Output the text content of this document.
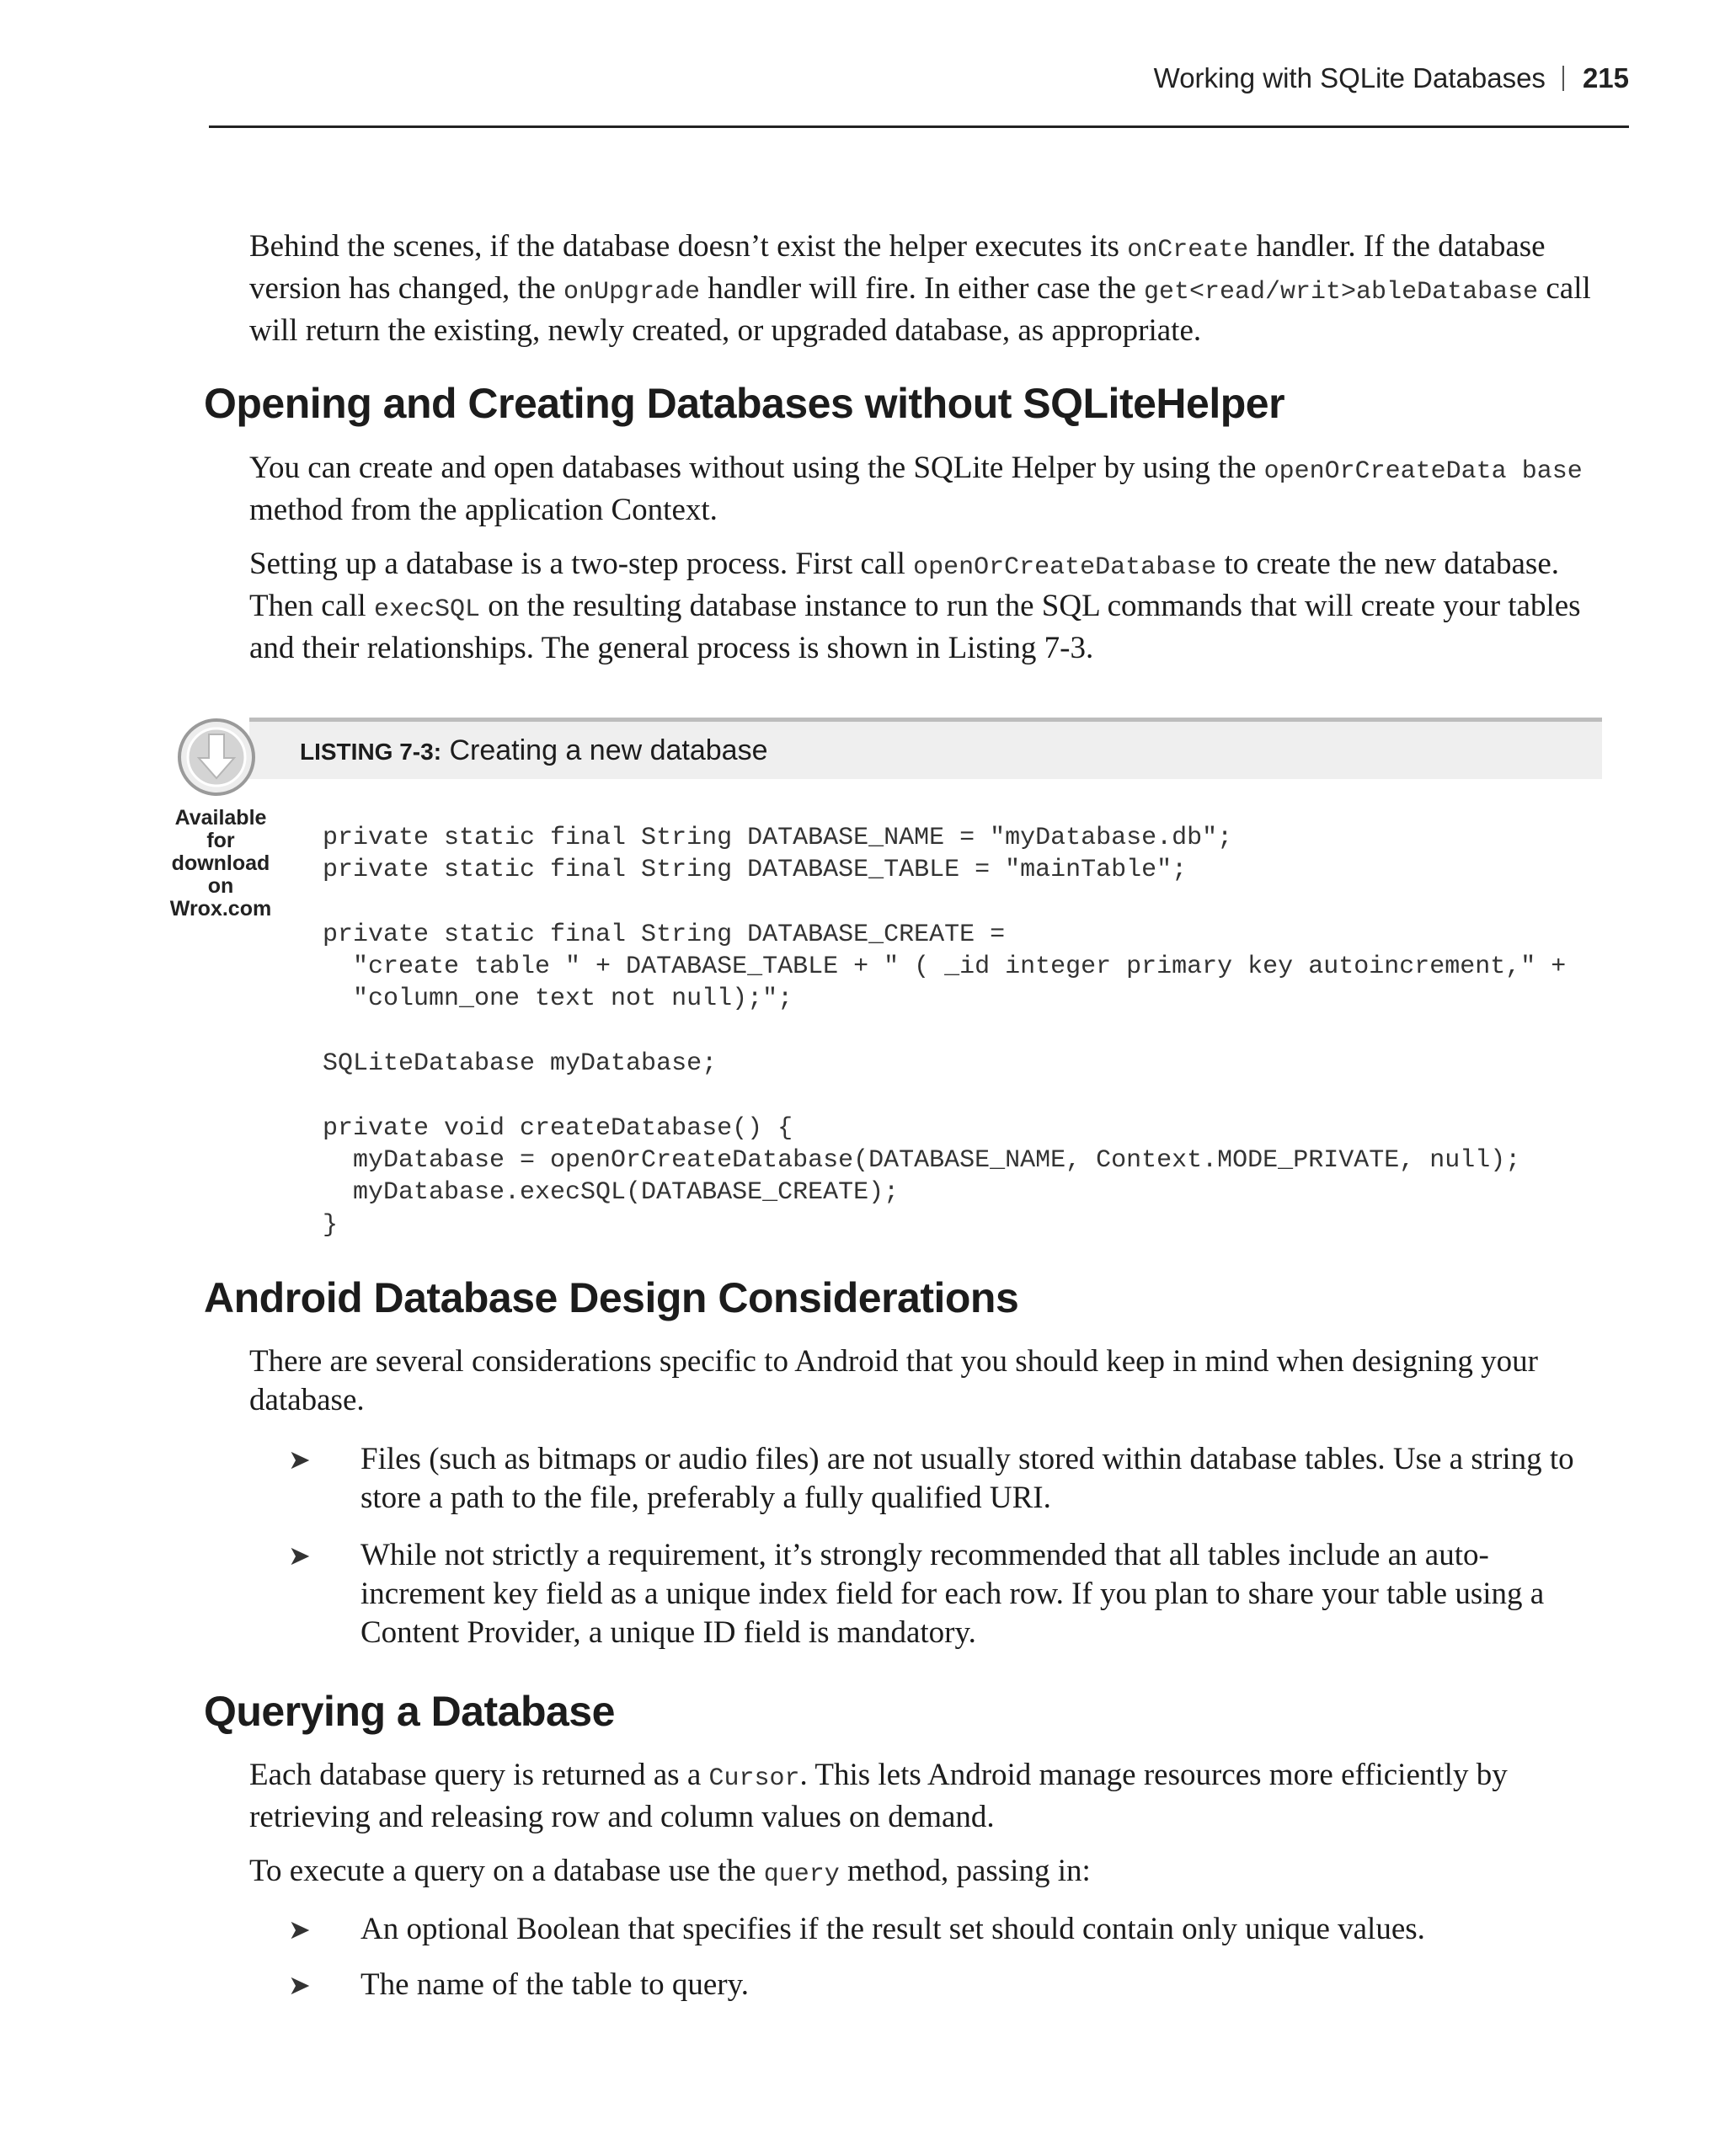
Working with SQLite Databases 215

Behind the scenes, if the database doesn’t exist the helper executes its onCreate handler. If the database version has changed, the onUpgrade handler will fire. In either case the get<read/writ>ableDatabase call will return the existing, newly created, or upgraded database, as appropriate.

Opening and Creating Databases without SQLiteHelper

You can create and open databases without using the SQLite Helper by using the openOrCreateData base method from the application Context.

Setting up a database is a two-step process. First call openOrCreateDatabase to create the new database. Then call execSQL on the resulting database instance to run the SQL commands that will create your tables and their relationships. The general process is shown in Listing 7-3.

LISTING 7-3: Creating a new database
Available for download on Wrox.com
private static final String DATABASE_NAME = "myDatabase.db";
private static final String DATABASE_TABLE = "mainTable";

private static final String DATABASE_CREATE =
"create table " + DATABASE_TABLE + " ( _id integer primary key autoincrement," +
"column_one text not null);";

SQLiteDatabase myDatabase;

private void createDatabase() {
myDatabase = openOrCreateDatabase(DATABASE_NAME, Context.MODE_PRIVATE, null);
myDatabase.execSQL(DATABASE_CREATE);
}
Android Database Design Considerations

There are several considerations specific to Android that you should keep in mind when designing your database.

➤ Files (such as bitmaps or audio files) are not usually stored within database tables. Use a string to store a path to the file, preferably a fully qualified URI.
➤ While not strictly a requirement, it’s strongly recommended that all tables include an auto-increment key field as a unique index field for each row. If you plan to share your table using a Content Provider, a unique ID field is mandatory.
Querying a Database

Each database query is returned as a Cursor. This lets Android manage resources more efficiently by retrieving and releasing row and column values on demand.

To execute a query on a database use the query method, passing in:

➤ An optional Boolean that specifies if the result set should contain only unique values.
➤ The name of the table to query.
